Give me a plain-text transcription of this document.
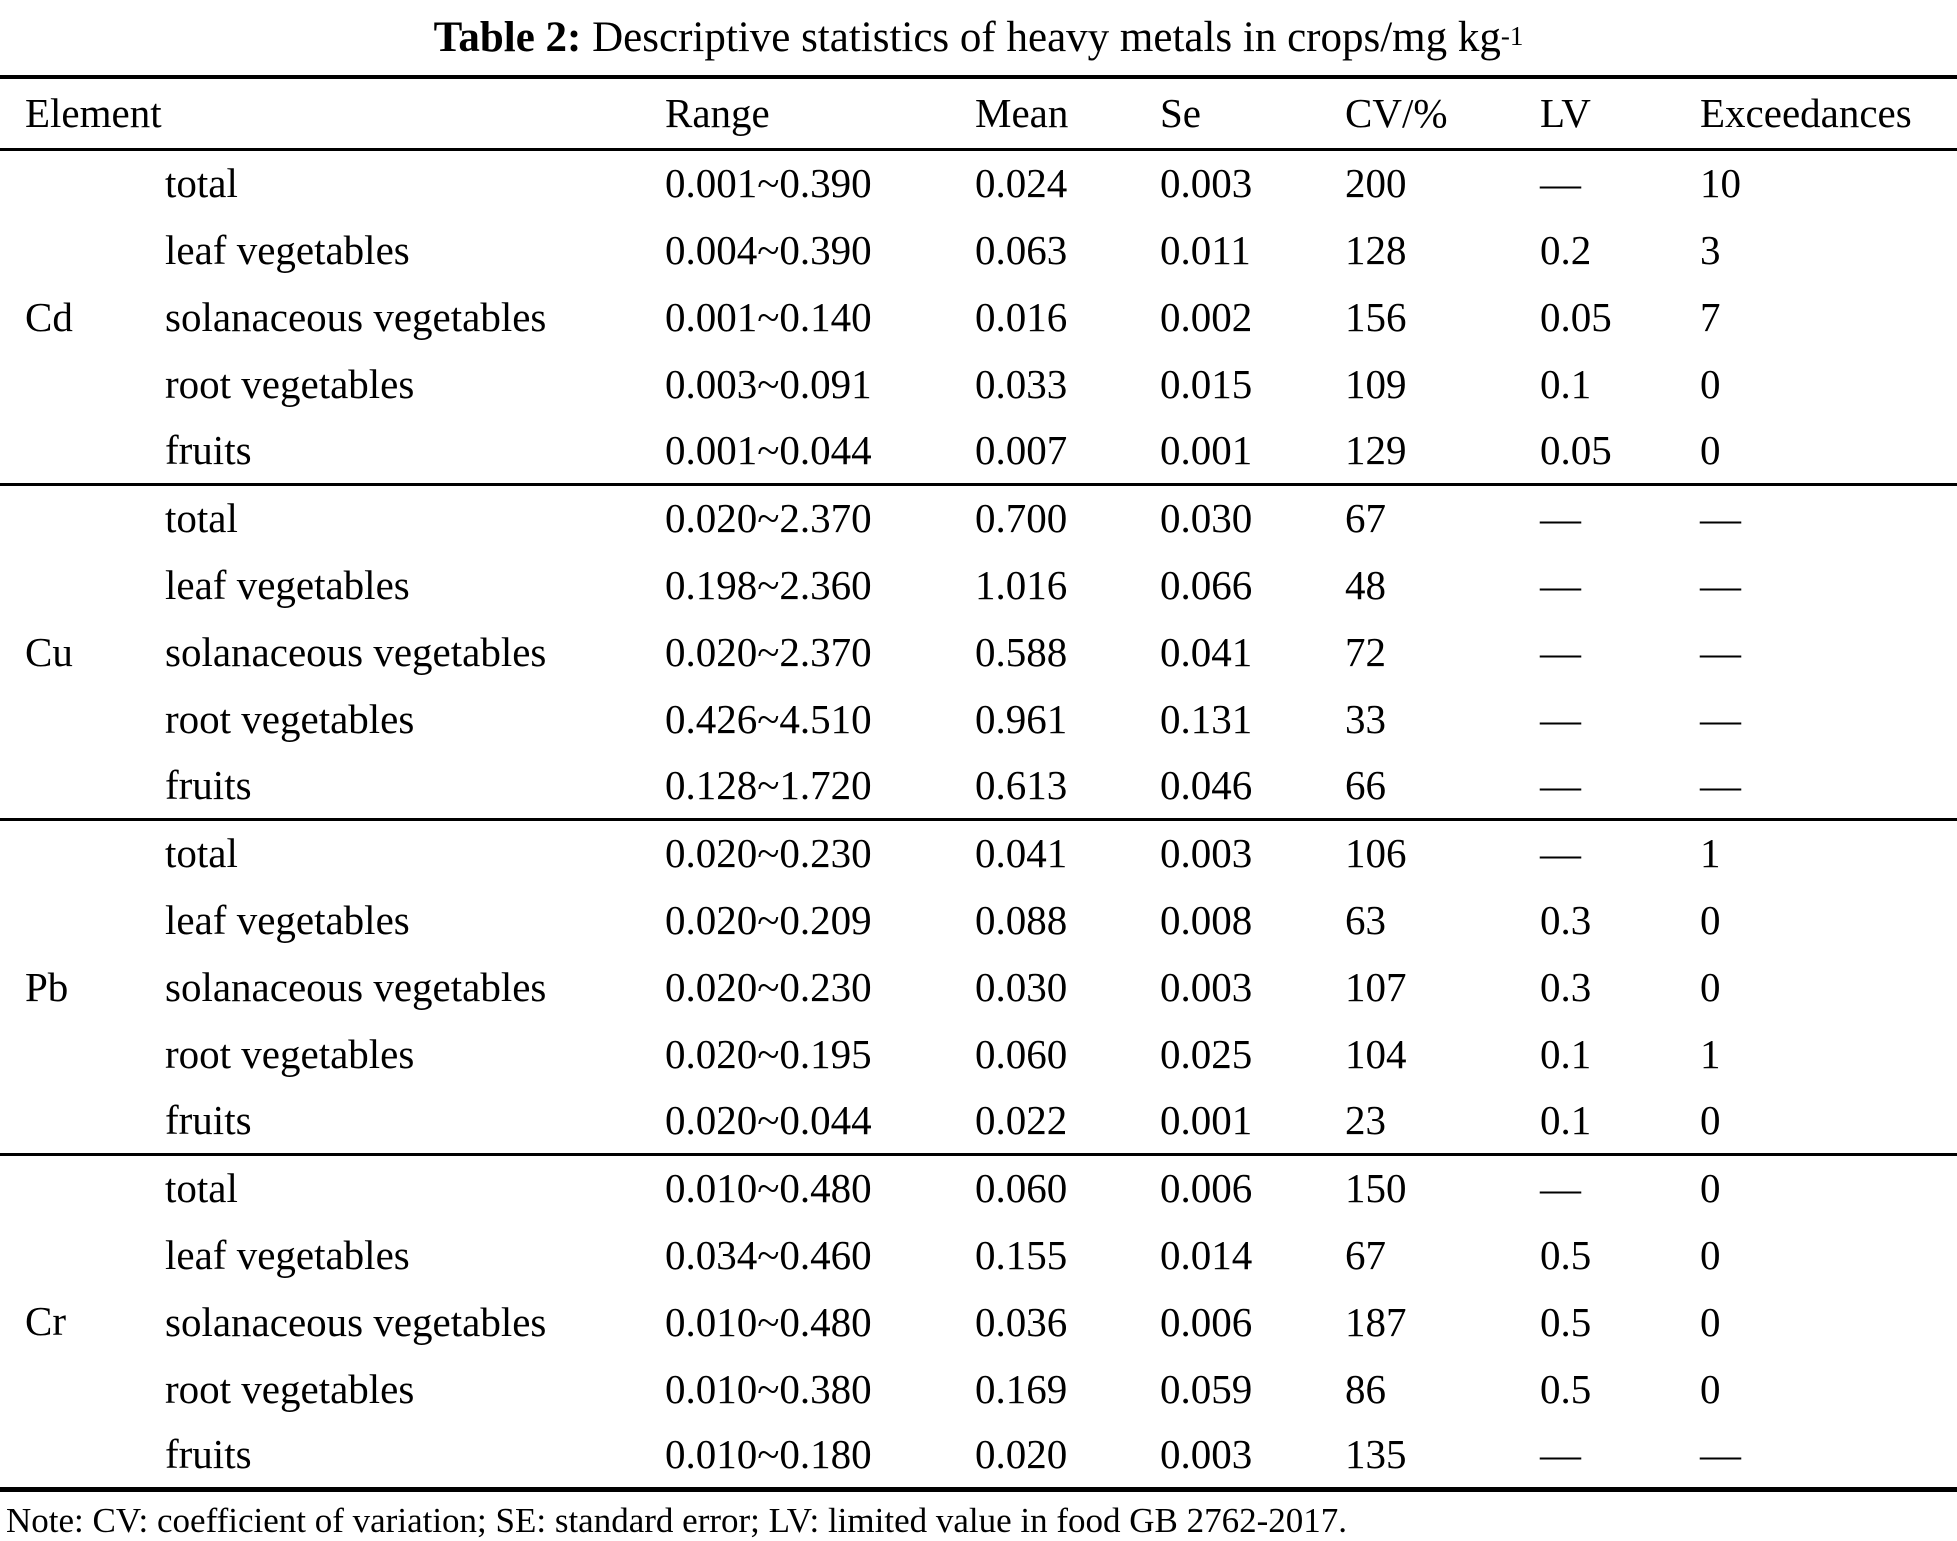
Table 2: Descriptive statistics of heavy metals in crops/mg $kg^{-1}$
Element		Range	Mean	Se	CV/%	LV	Exceedances
Cd	total	0.001~0.390	0.024	0.003	200	—	10
	leaf vegetables	0.004~0.390	0.063	0.011	128	0.2	3
	solanaceous vegetables	0.001~0.140	0.016	0.002	156	0.05	7
	root vegetables	0.003~0.091	0.033	0.015	109	0.1	0
	fruits	0.001~0.044	0.007	0.001	129	0.05	0
Cu	total	0.020~2.370	0.700	0.030	67	—	—
	leaf vegetables	0.198~2.360	1.016	0.066	48	—	—
	solanaceous vegetables	0.020~2.370	0.588	0.041	72	—	—
	root vegetables	0.426~4.510	0.961	0.131	33	—	—
	fruits	0.128~1.720	0.613	0.046	66	—	—
Pb	total	0.020~0.230	0.041	0.003	106	—	1
	leaf vegetables	0.020~0.209	0.088	0.008	63	0.3	0
	solanaceous vegetables	0.020~0.230	0.030	0.003	107	0.3	0
	root vegetables	0.020~0.195	0.060	0.025	104	0.1	1
	fruits	0.020~0.044	0.022	0.001	23	0.1	0
Cr	total	0.010~0.480	0.060	0.006	150	—	0
	leaf vegetables	0.034~0.460	0.155	0.014	67	0.5	0
	solanaceous vegetables	0.010~0.480	0.036	0.006	187	0.5	0
	root vegetables	0.010~0.380	0.169	0.059	86	0.5	0
	fruits	0.010~0.180	0.020	0.003	135	—	—
Note: CV: coefficient of variation; SE: standard error; LV: limited value in food GB 2762-2017.
